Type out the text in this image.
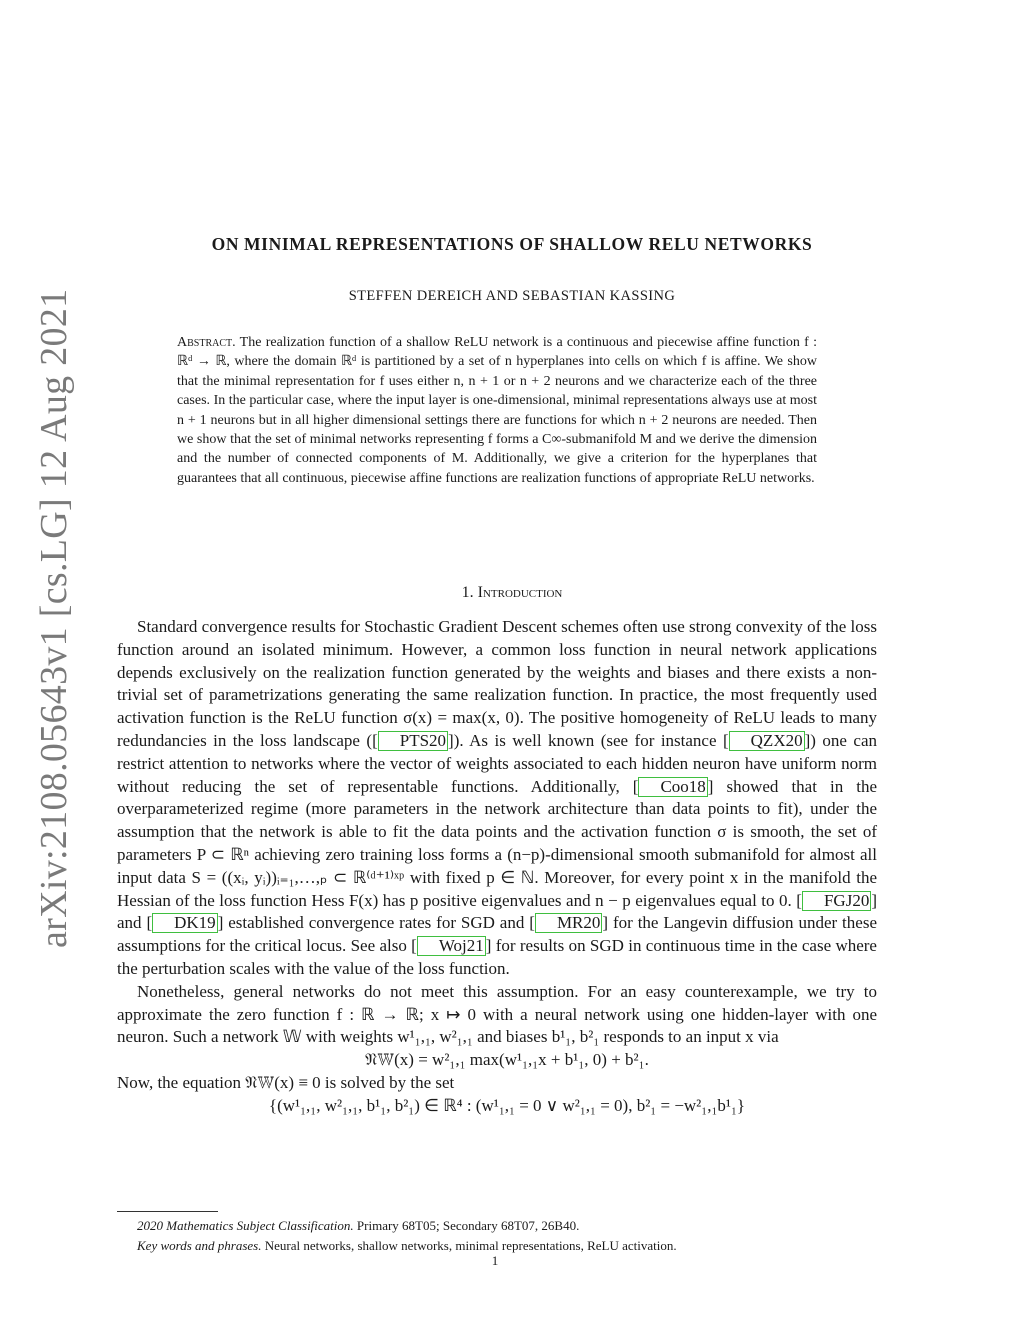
arXiv:2108.05643v1 [cs.LG] 12 Aug 2021
ON MINIMAL REPRESENTATIONS OF SHALLOW RELU NETWORKS
STEFFEN DEREICH AND SEBASTIAN KASSING
Abstract. The realization function of a shallow ReLU network is a continuous and piecewise affine function f : ℝᵈ → ℝ, where the domain ℝᵈ is partitioned by a set of n hyperplanes into cells on which f is affine. We show that the minimal representation for f uses either n, n + 1 or n + 2 neurons and we characterize each of the three cases. In the particular case, where the input layer is one-dimensional, minimal representations always use at most n + 1 neurons but in all higher dimensional settings there are functions for which n + 2 neurons are needed. Then we show that the set of minimal networks representing f forms a C∞-submanifold M and we derive the dimension and the number of connected components of M. Additionally, we give a criterion for the hyperplanes that guarantees that all continuous, piecewise affine functions are realization functions of appropriate ReLU networks.
1. Introduction

Standard convergence results for Stochastic Gradient Descent schemes often use strong convexity of the loss function around an isolated minimum. However, a common loss function in neural network applications depends exclusively on the realization function generated by the weights and biases and there exists a non-trivial set of parametrizations generating the same realization function. In practice, the most frequently used activation function is the ReLU function σ(x) = max(x, 0). The positive homogeneity of ReLU leads to many redundancies in the loss landscape ([ PTS20 ]). As is well known (see for instance [ QZX20 ]) one can restrict attention to networks where the vector of weights associated to each hidden neuron have uniform norm without reducing the set of representable functions. Additionally, [ Coo18 ] showed that in the overparameterized regime (more parameters in the network architecture than data points to fit), under the assumption that the network is able to fit the data points and the activation function σ is smooth, the set of parameters P ⊂ ℝⁿ achieving zero training loss forms a (n−p)-dimensional smooth submanifold for almost all input data S = ((xᵢ, yᵢ))ᵢ₌₁,…,ₚ ⊂ ℝ⁽ᵈ⁺¹⁾ˣᵖ with fixed p ∈ ℕ. Moreover, for every point x in the manifold the Hessian of the loss function Hess F(x) has p positive eigenvalues and n − p eigenvalues equal to 0. [ FGJ20 ] and [ DK19 ] established convergence rates for SGD and [ MR20 ] for the Langevin diffusion under these assumptions for the critical locus. See also [ Woj21 ] for results on SGD in continuous time in the case where the perturbation scales with the value of the loss function.

Nonetheless, general networks do not meet this assumption. For an easy counterexample, we try to approximate the zero function f : ℝ → ℝ; x ↦ 0 with a neural network using one hidden-layer with one neuron. Such a network 𝕎 with weights w¹₁,₁, w²₁,₁ and biases b¹₁, b²₁ responds to an input x via

𝔑𝕎(x) = w²₁,₁ max(w¹₁,₁x + b¹₁, 0) + b²₁.

Now, the equation 𝔑𝕎(x) ≡ 0 is solved by the set

{(w¹₁,₁, w²₁,₁, b¹₁, b²₁) ∈ ℝ⁴ : (w¹₁,₁ = 0 ∨ w²₁,₁ = 0), b²₁ = −w²₁,₁b¹₁}

2020 Mathematics Subject Classification. Primary 68T05; Secondary 68T07, 26B40.

Key words and phrases. Neural networks, shallow networks, minimal representations, ReLU activation.

1
